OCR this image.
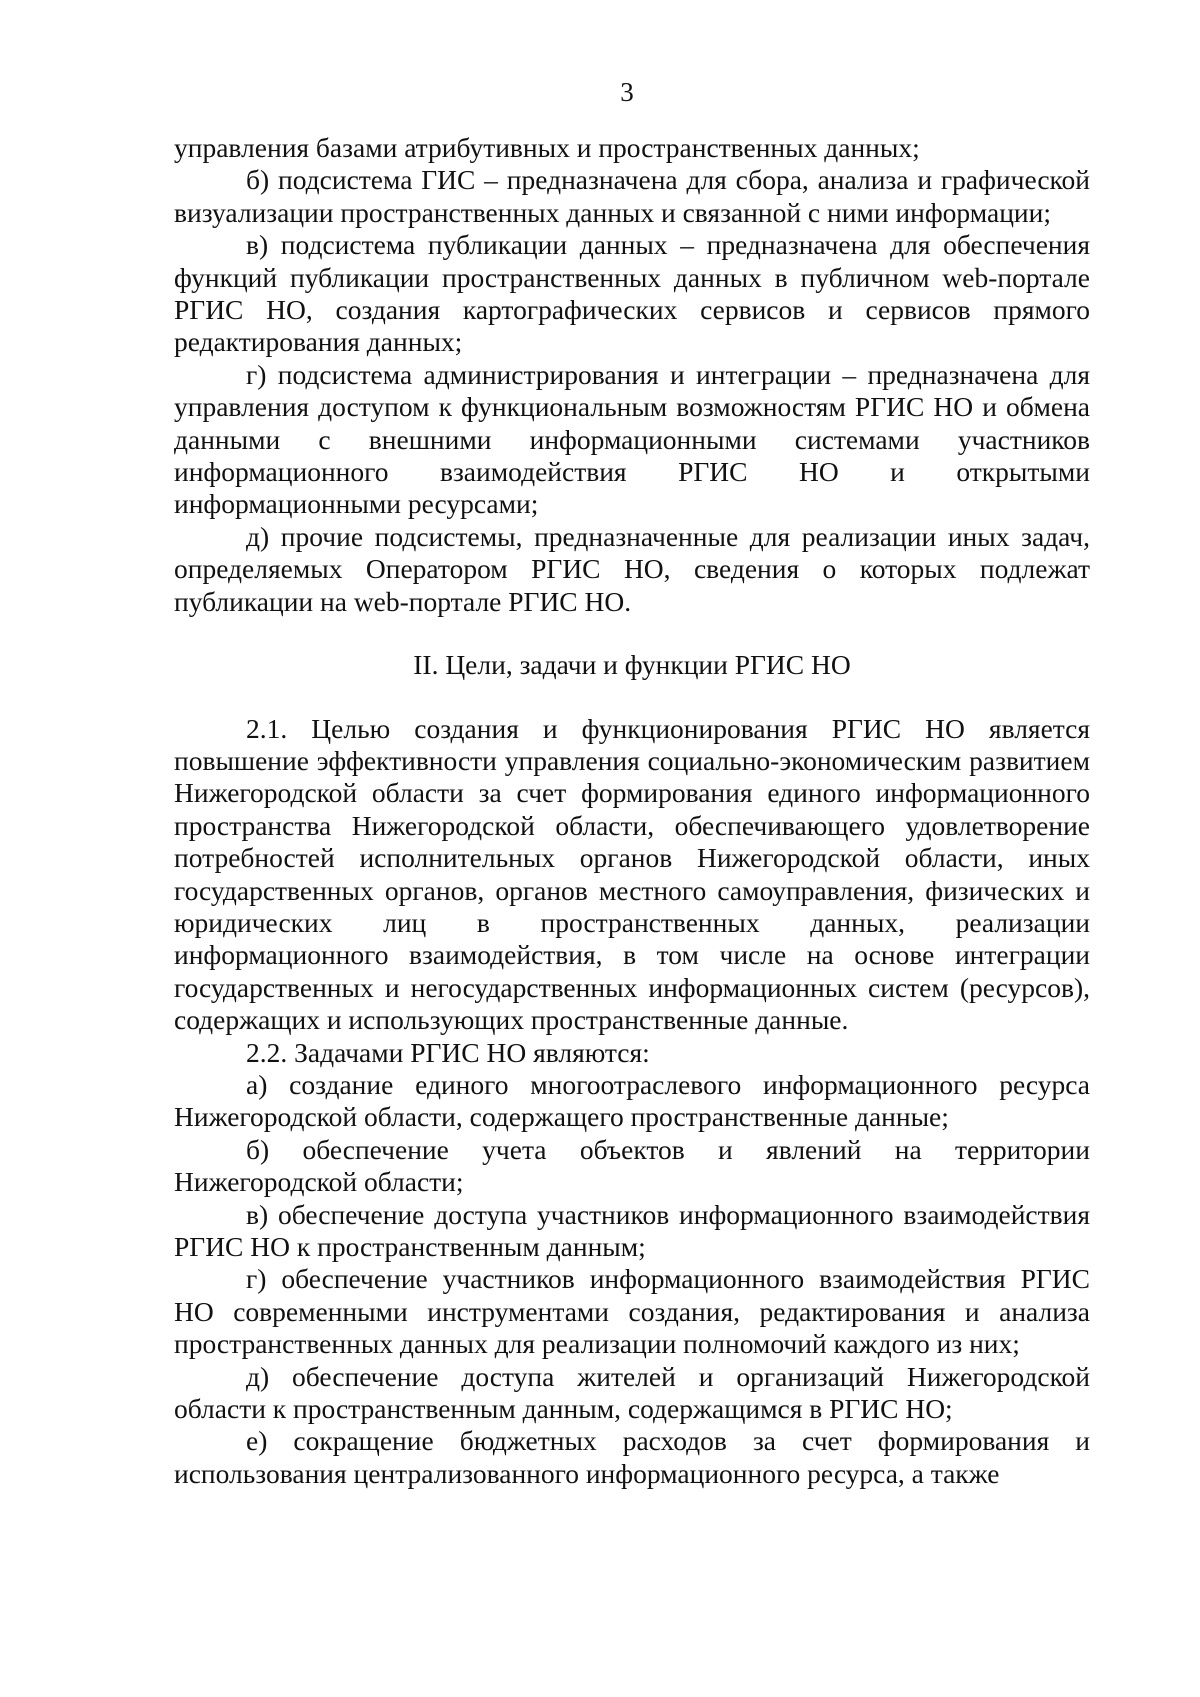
3

управления базами атрибутивных и пространственных данных;

б) подсистема ГИС – предназначена для сбора, анализа и графической визуализации пространственных данных и связанной с ними информации;

в) подсистема публикации данных – предназначена для обеспечения функций публикации пространственных данных в публичном web-портале РГИС НО, создания картографических сервисов и сервисов прямого редактирования данных;

г) подсистема администрирования и интеграции – предназначена для управления доступом к функциональным возможностям РГИС НО и обмена данными с внешними информационными системами участников информационного взаимодействия РГИС НО и открытыми информационными ресурсами;

д) прочие подсистемы, предназначенные для реализации иных задач, определяемых Оператором РГИС НО, сведения о которых подлежат публикации на web-портале РГИС НО.

II. Цели, задачи и функции РГИС НО

2.1. Целью создания и функционирования РГИС НО является повышение эффективности управления социально-экономическим развитием Нижегородской области за счет формирования единого информационного пространства Нижегородской области, обеспечивающего удовлетворение потребностей исполнительных органов Нижегородской области, иных государственных органов, органов местного самоуправления, физических и юридических лиц в пространственных данных, реализации информационного взаимодействия, в том числе на основе интеграции государственных и негосударственных информационных систем (ресурсов), содержащих и использующих пространственные данные.

2.2. Задачами РГИС НО являются:

а) создание единого многоотраслевого информационного ресурса Нижегородской области, содержащего пространственные данные;

б) обеспечение учета объектов и явлений на территории Нижегородской области;

в) обеспечение доступа участников информационного взаимодействия РГИС НО к пространственным данным;

г) обеспечение участников информационного взаимодействия РГИС НО современными инструментами создания, редактирования и анализа пространственных данных для реализации полномочий каждого из них;

д) обеспечение доступа жителей и организаций Нижегородской области к пространственным данным, содержащимся в РГИС НО;

е) сокращение бюджетных расходов за счет формирования и использования централизованного информационного ресурса, а также
